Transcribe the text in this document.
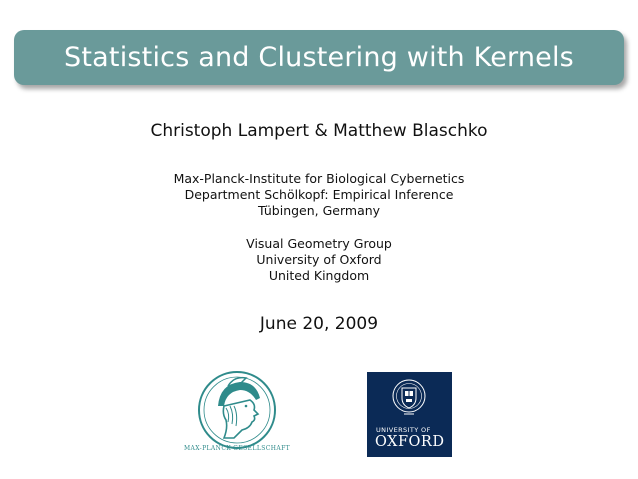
Statistics and Clustering with Kernels
Christoph Lampert & Matthew Blaschko
Max-Planck-Institute for Biological Cybernetics
Department Schölkopf: Empirical Inference
Tübingen, Germany
Visual Geometry Group
University of Oxford
United Kingdom
June 20, 2009
MAX-PLANCK-GESELLSCHAFT
UNIVERSITY OF
OXFORD
